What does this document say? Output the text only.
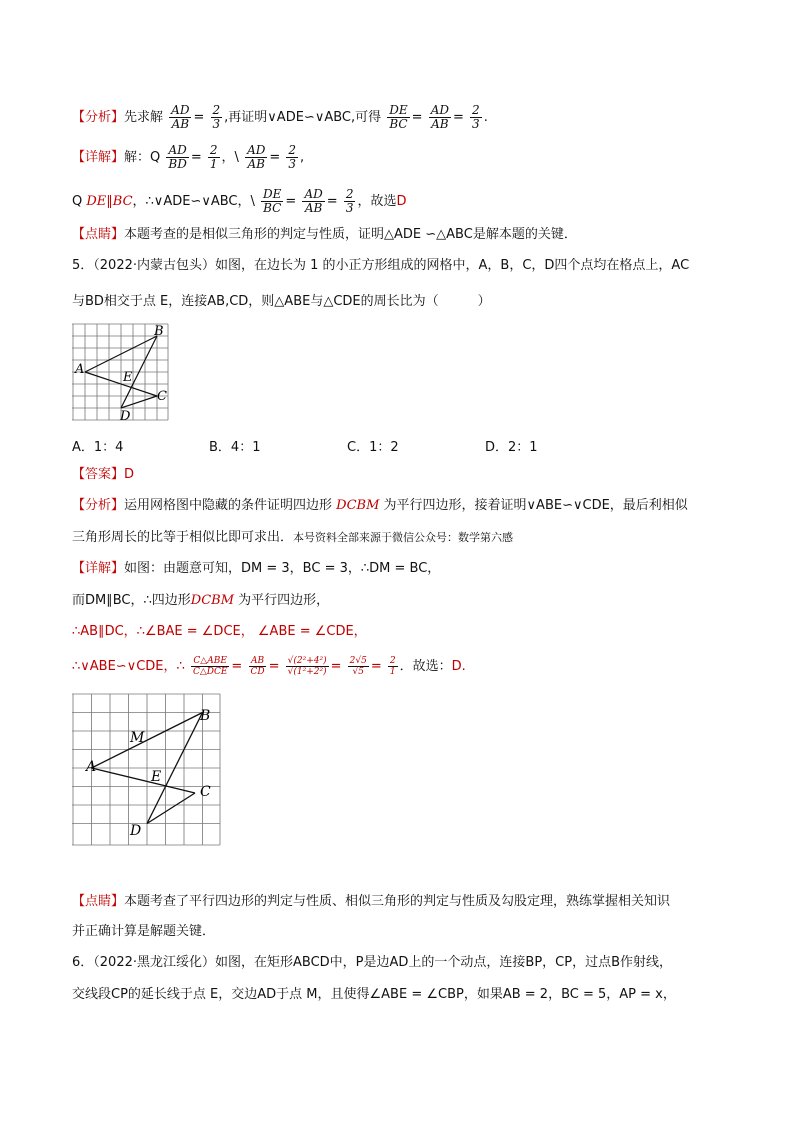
【分析】先求解 $\frac{AD}{AB} = \frac{2}{3}$ ,再证明∨ADE∽∨ABC,可得 $\frac{DE}{BC} = \frac{AD}{AB} = \frac{2}{3}$ .
【详解】解：Q $\frac{AD}{BD} = \frac{2}{1}$ ，\ $\frac{AD}{AB} = \frac{2}{3}$ ,
Q DE‖BC，∴∨ADE∽∨ABC，\ $\frac{DE}{BC} = \frac{AD}{AB} = \frac{2}{3}$ ，故选D
【点睛】本题考查的是相似三角形的判定与性质，证明△ADE ∽△ABC是解本题的关键．
5．（2022·内蒙古包头）如图，在边长为 1 的小正方形组成的网格中，A，B，C，D四个点均在格点上，AC
与BD相交于点 E，连接AB,CD，则△ABE与△CDE的周长比为（　　　）
A
B
C
D
E
A．1：4	B．4：1	C．1：2	D．2：1
【答案】D
【分析】运用网格图中隐藏的条件证明四边形 DCBM 为平行四边形，接着证明∨ABE∽∨CDE，最后利相似
三角形周长的比等于相似比即可求出．本号资料全部来源于微信公众号：数学第六感
【详解】如图：由题意可知，DM = 3，BC = 3，∴DM = BC，
而DM∥BC，∴四边形DCBM 为平行四边形，
∴AB∥DC，∴∠BAE = ∠DCE， ∠ABE = ∠CDE，
∴∨ABE∽∨CDE，∴ $\frac{\text{C△ABE}}{\text{C△DCE}} = \frac{AB}{CD} = \frac{\text{√(2²+4²)}}{\text{√(1²+2²)}} = \frac{2√5}{√5} = \frac{2}{1}$ ．故选：D.
A
B
C
D
E
M
【点睛】本题考查了平行四边形的判定与性质、相似三角形的判定与性质及勾股定理，熟练掌握相关知识
并正确计算是解题关键．
6．（2022·黑龙江绥化）如图，在矩形ABCD中，P是边AD上的一个动点，连接BP，CP，过点B作射线，
交线段CP的延长线于点 E，交边AD于点 M，且使得∠ABE = ∠CBP，如果AB = 2，BC = 5，AP = x，
